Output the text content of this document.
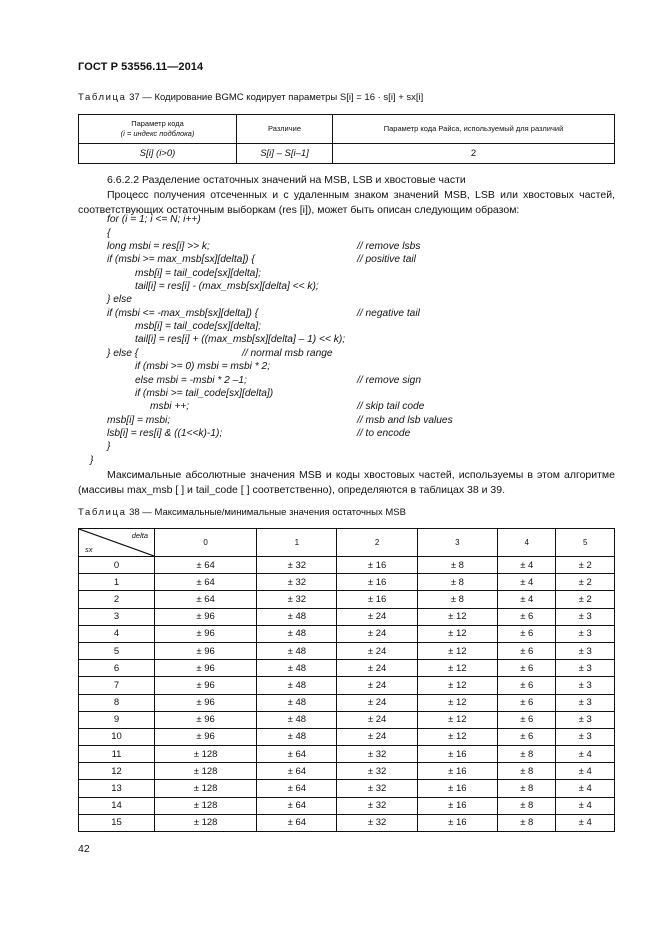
ГОСТ Р 53556.11—2014
Таблица 37 — Кодирование BGMC кодирует параметры S[i] = 16 · s[i] + sx[i]
Параметр кода
(i = индекс подблока)	Различие	Параметр кода Райса, используемый для различий
S[i] (i>0)	S[i] – S[i–1]	2
6.6.2.2 Разделение остаточных значений на MSB, LSB и хвостовые части
Процесс получения отсеченных и с удаленным знаком значений MSB, LSB или хвостовых частей, соответствующих остаточным выборкам (res [i]), может быть описан следующим образом:

for (i = 1; i <= N; i++)

{

long msbi = res[i] >> k;

	// remove lsbs

if (msbi >= max_msb[sx][delta]) {

	// positive tail

msb[i] = tail_code[sx][delta];

tail[i] = res[i] - (max_msb[sx][delta] << k);

} else

if (msbi <= -max_msb[sx][delta]) {

	// negative tail

msb[i] = tail_code[sx][delta];

tail[i] = res[i] + ((max_msb[sx][delta] – 1) << k);

} else {

	// normal msb range

if (msbi >= 0) msbi = msbi * 2;

else msbi = -msbi * 2 –1;

	// remove sign

if (msbi >= tail_code[sx][delta])

msbi ++;

	// skip tail code

msb[i] = msbi;

	// msb and lsb values

lsb[i] = res[i] & ((1<<k)-1);

	// to encode

}

}

Максимальные абсолютные значения MSB и коды хвостовых частей, используемы в этом алгоритме (массивы max_msb [ ] и tail_code [ ] соответственно), определяются в таблицах 38 и 39.
Таблица 38 — Максимальные/минимальные значения остаточных MSB
delta
sx	0	1	2	3	4	5
0	± 64	± 32	± 16	± 8	± 4	± 2
1	± 64	± 32	± 16	± 8	± 4	± 2
2	± 64	± 32	± 16	± 8	± 4	± 2
3	± 96	± 48	± 24	± 12	± 6	± 3
4	± 96	± 48	± 24	± 12	± 6	± 3
5	± 96	± 48	± 24	± 12	± 6	± 3
6	± 96	± 48	± 24	± 12	± 6	± 3
7	± 96	± 48	± 24	± 12	± 6	± 3
8	± 96	± 48	± 24	± 12	± 6	± 3
9	± 96	± 48	± 24	± 12	± 6	± 3
10	± 96	± 48	± 24	± 12	± 6	± 3
11	± 128	± 64	± 32	± 16	± 8	± 4
12	± 128	± 64	± 32	± 16	± 8	± 4
13	± 128	± 64	± 32	± 16	± 8	± 4
14	± 128	± 64	± 32	± 16	± 8	± 4
15	± 128	± 64	± 32	± 16	± 8	± 4
42
